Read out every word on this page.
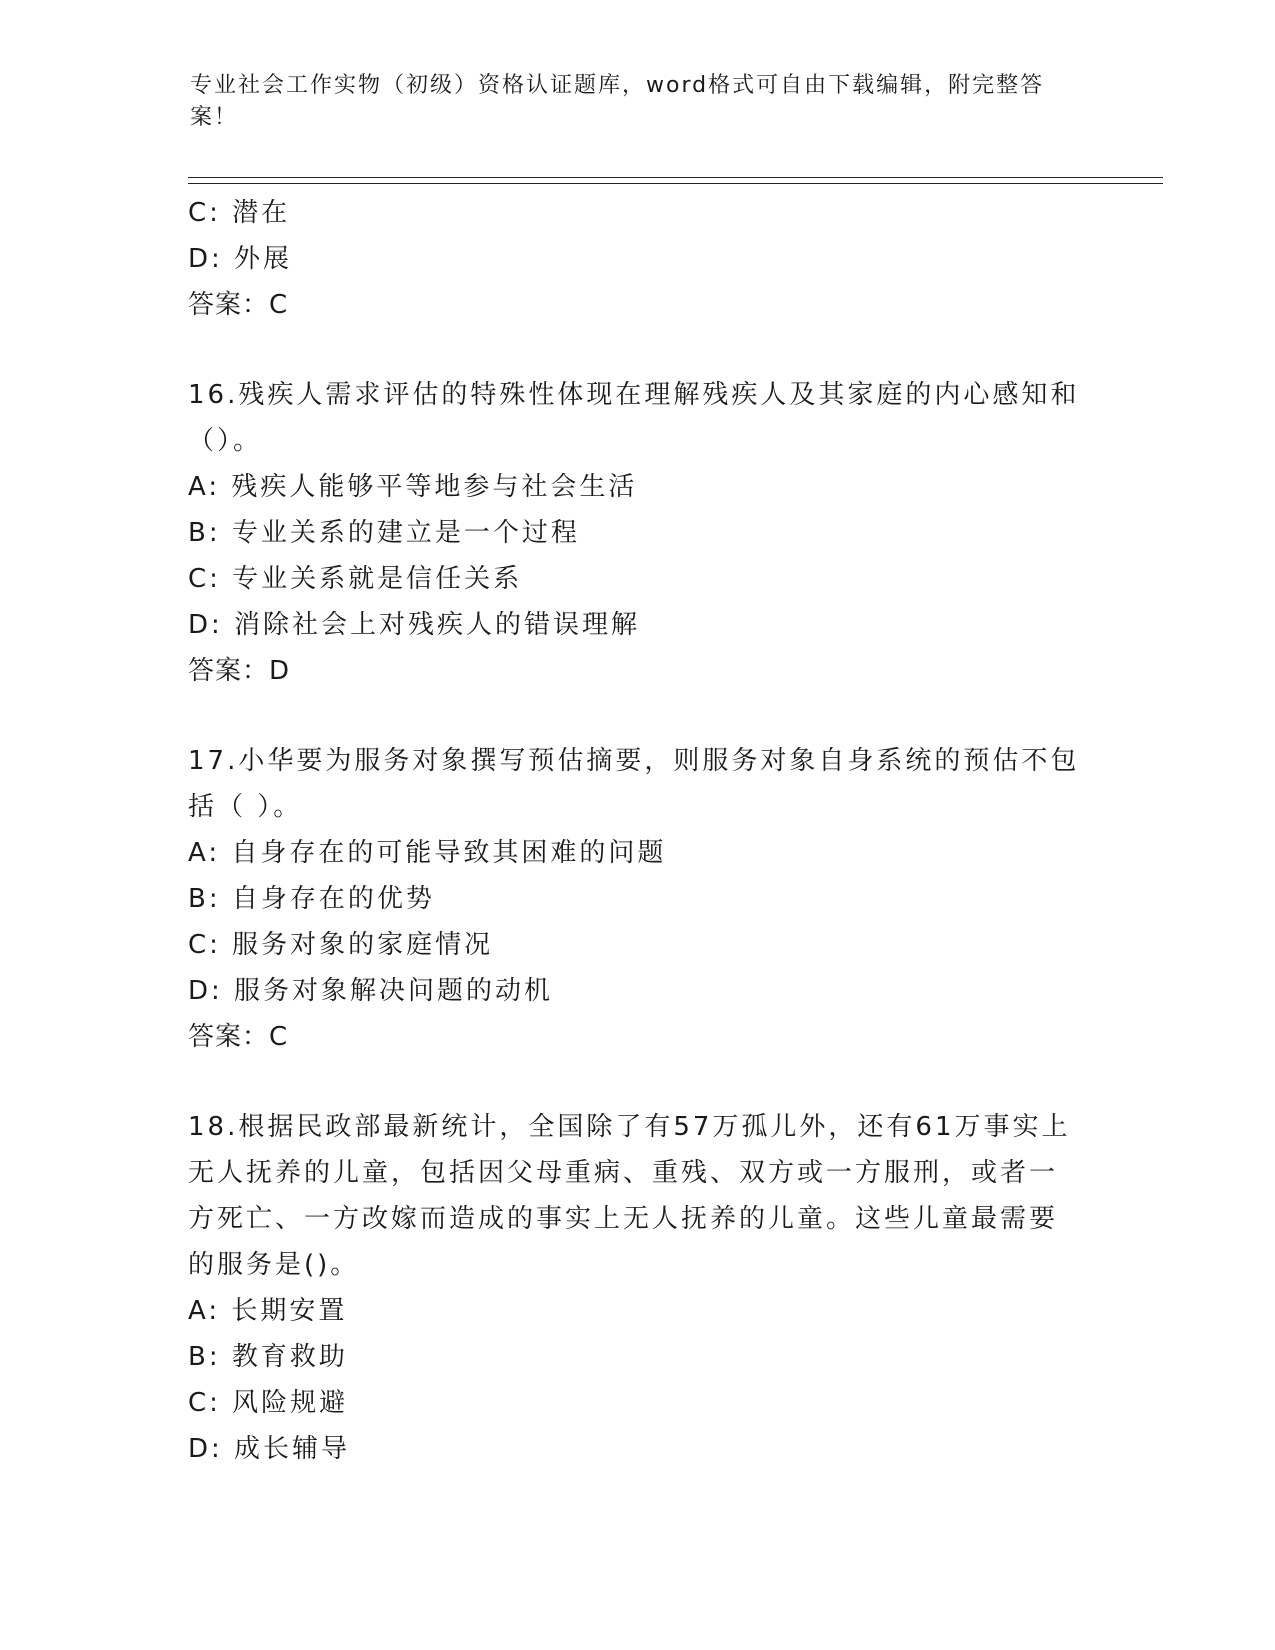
专业社会工作实物（初级）资格认证题库，word格式可自由下载编辑，附完整答
案！
C: 潜在
D: 外展
答案：C
16.残疾人需求评估的特殊性体现在理解残疾人及其家庭的内心感知和
（）。
A: 残疾人能够平等地参与社会生活
B: 专业关系的建立是一个过程
C: 专业关系就是信任关系
D: 消除社会上对残疾人的错误理解
答案：D
17.小华要为服务对象撰写预估摘要，则服务对象自身系统的预估不包
括（ ）。
A: 自身存在的可能导致其困难的问题
B: 自身存在的优势
C: 服务对象的家庭情况
D: 服务对象解决问题的动机
答案：C
18.根据民政部最新统计，全国除了有57万孤儿外，还有61万事实上
无人抚养的儿童，包括因父母重病、重残、双方或一方服刑，或者一
方死亡、一方改嫁而造成的事实上无人抚养的儿童。这些儿童最需要
的服务是()。
A: 长期安置
B: 教育救助
C: 风险规避
D: 成长辅导
